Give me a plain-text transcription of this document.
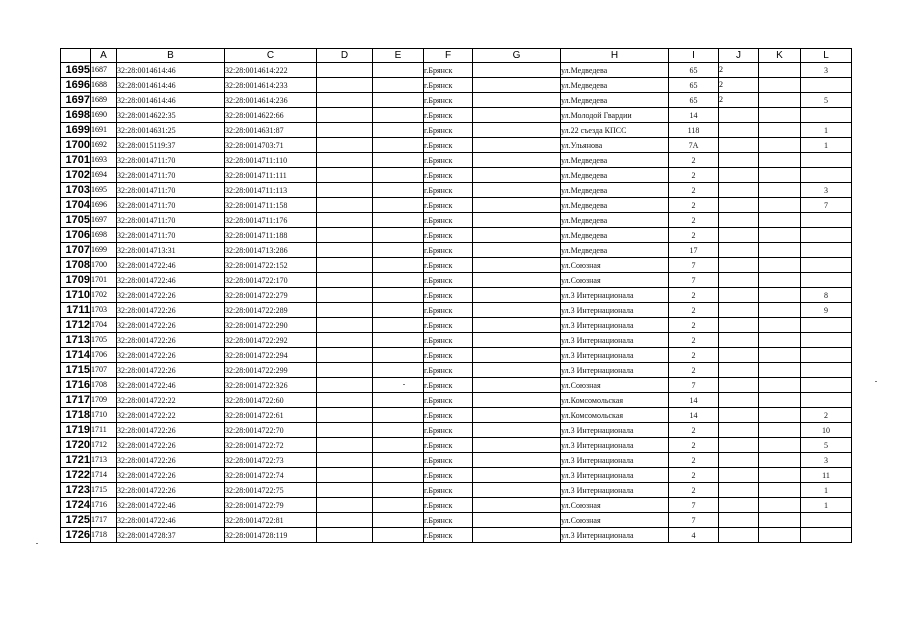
	A	B	C	D	E	F	G	H	I	J	K	L
1695	1687	32:28:0014614:46	32:28:0014614:222			г.Брянск		ул.Медведева	65	2		3
1696	1688	32:28:0014614:46	32:28:0014614:233			г.Брянск		ул.Медведева	65	2		
1697	1689	32:28:0014614:46	32:28:0014614:236			г.Брянск		ул.Медведева	65	2		5
1698	1690	32:28:0014622:35	32:28:0014622:66			г.Брянск		ул.Молодой Гвардии	14			
1699	1691	32:28:0014631:25	32:28:0014631:87			г.Брянск		ул.22 съезда КПСС	118			1
1700	1692	32:28:0015119:37	32:28:0014703:71			г.Брянск		ул.Ульянова	7А			1
1701	1693	32:28:0014711:70	32:28:0014711:110			г.Брянск		ул.Медведева	2			
1702	1694	32:28:0014711:70	32:28:0014711:111			г.Брянск		ул.Медведева	2			
1703	1695	32:28:0014711:70	32:28:0014711:113			г.Брянск		ул.Медведева	2			3
1704	1696	32:28:0014711:70	32:28:0014711:158			г.Брянск		ул.Медведева	2			7
1705	1697	32:28:0014711:70	32:28:0014711:176			г.Брянск		ул.Медведева	2			
1706	1698	32:28:0014711:70	32:28:0014711:188			г.Брянск		ул.Медведева	2			
1707	1699	32:28:0014713:31	32:28:0014713:286			г.Брянск		ул.Медведева	17			
1708	1700	32:28:0014722:46	32:28:0014722:152			г.Брянск		ул.Союзная	7			
1709	1701	32:28:0014722:46	32:28:0014722:170			г.Брянск		ул.Союзная	7			
1710	1702	32:28:0014722:26	32:28:0014722:279			г.Брянск		ул.3 Интернационала	2			8
1711	1703	32:28:0014722:26	32:28:0014722:289			г.Брянск		ул.3 Интернационала	2			9
1712	1704	32:28:0014722:26	32:28:0014722:290			г.Брянск		ул.3 Интернационала	2			
1713	1705	32:28:0014722:26	32:28:0014722:292			г.Брянск		ул.3 Интернационала	2			
1714	1706	32:28:0014722:26	32:28:0014722:294			г.Брянск		ул.3 Интернационала	2			
1715	1707	32:28:0014722:26	32:28:0014722:299			г.Брянск		ул.3 Интернационала	2			
1716	1708	32:28:0014722:46	32:28:0014722:326			г.Брянск		ул.Союзная	7			
1717	1709	32:28:0014722:22	32:28:0014722:60			г.Брянск		ул.Комсомольская	14			
1718	1710	32:28:0014722:22	32:28:0014722:61			г.Брянск		ул.Комсомольская	14			2
1719	1711	32:28:0014722:26	32:28:0014722:70			г.Брянск		ул.3 Интернационала	2			10
1720	1712	32:28:0014722:26	32:28:0014722:72			г.Брянск		ул.3 Интернационала	2			5
1721	1713	32:28:0014722:26	32:28:0014722:73			г.Брянск		ул.3 Интернационала	2			3
1722	1714	32:28:0014722:26	32:28:0014722:74			г.Брянск		ул.3 Интернационала	2			11
1723	1715	32:28:0014722:26	32:28:0014722:75			г.Брянск		ул.3 Интернационала	2			1
1724	1716	32:28:0014722:46	32:28:0014722:79			г.Брянск		ул.Союзная	7			1
1725	1717	32:28:0014722:46	32:28:0014722:81			г.Брянск		ул.Союзная	7			
1726	1718	32:28:0014728:37	32:28:0014728:119			г.Брянск		ул.3 Интернационала	4			
